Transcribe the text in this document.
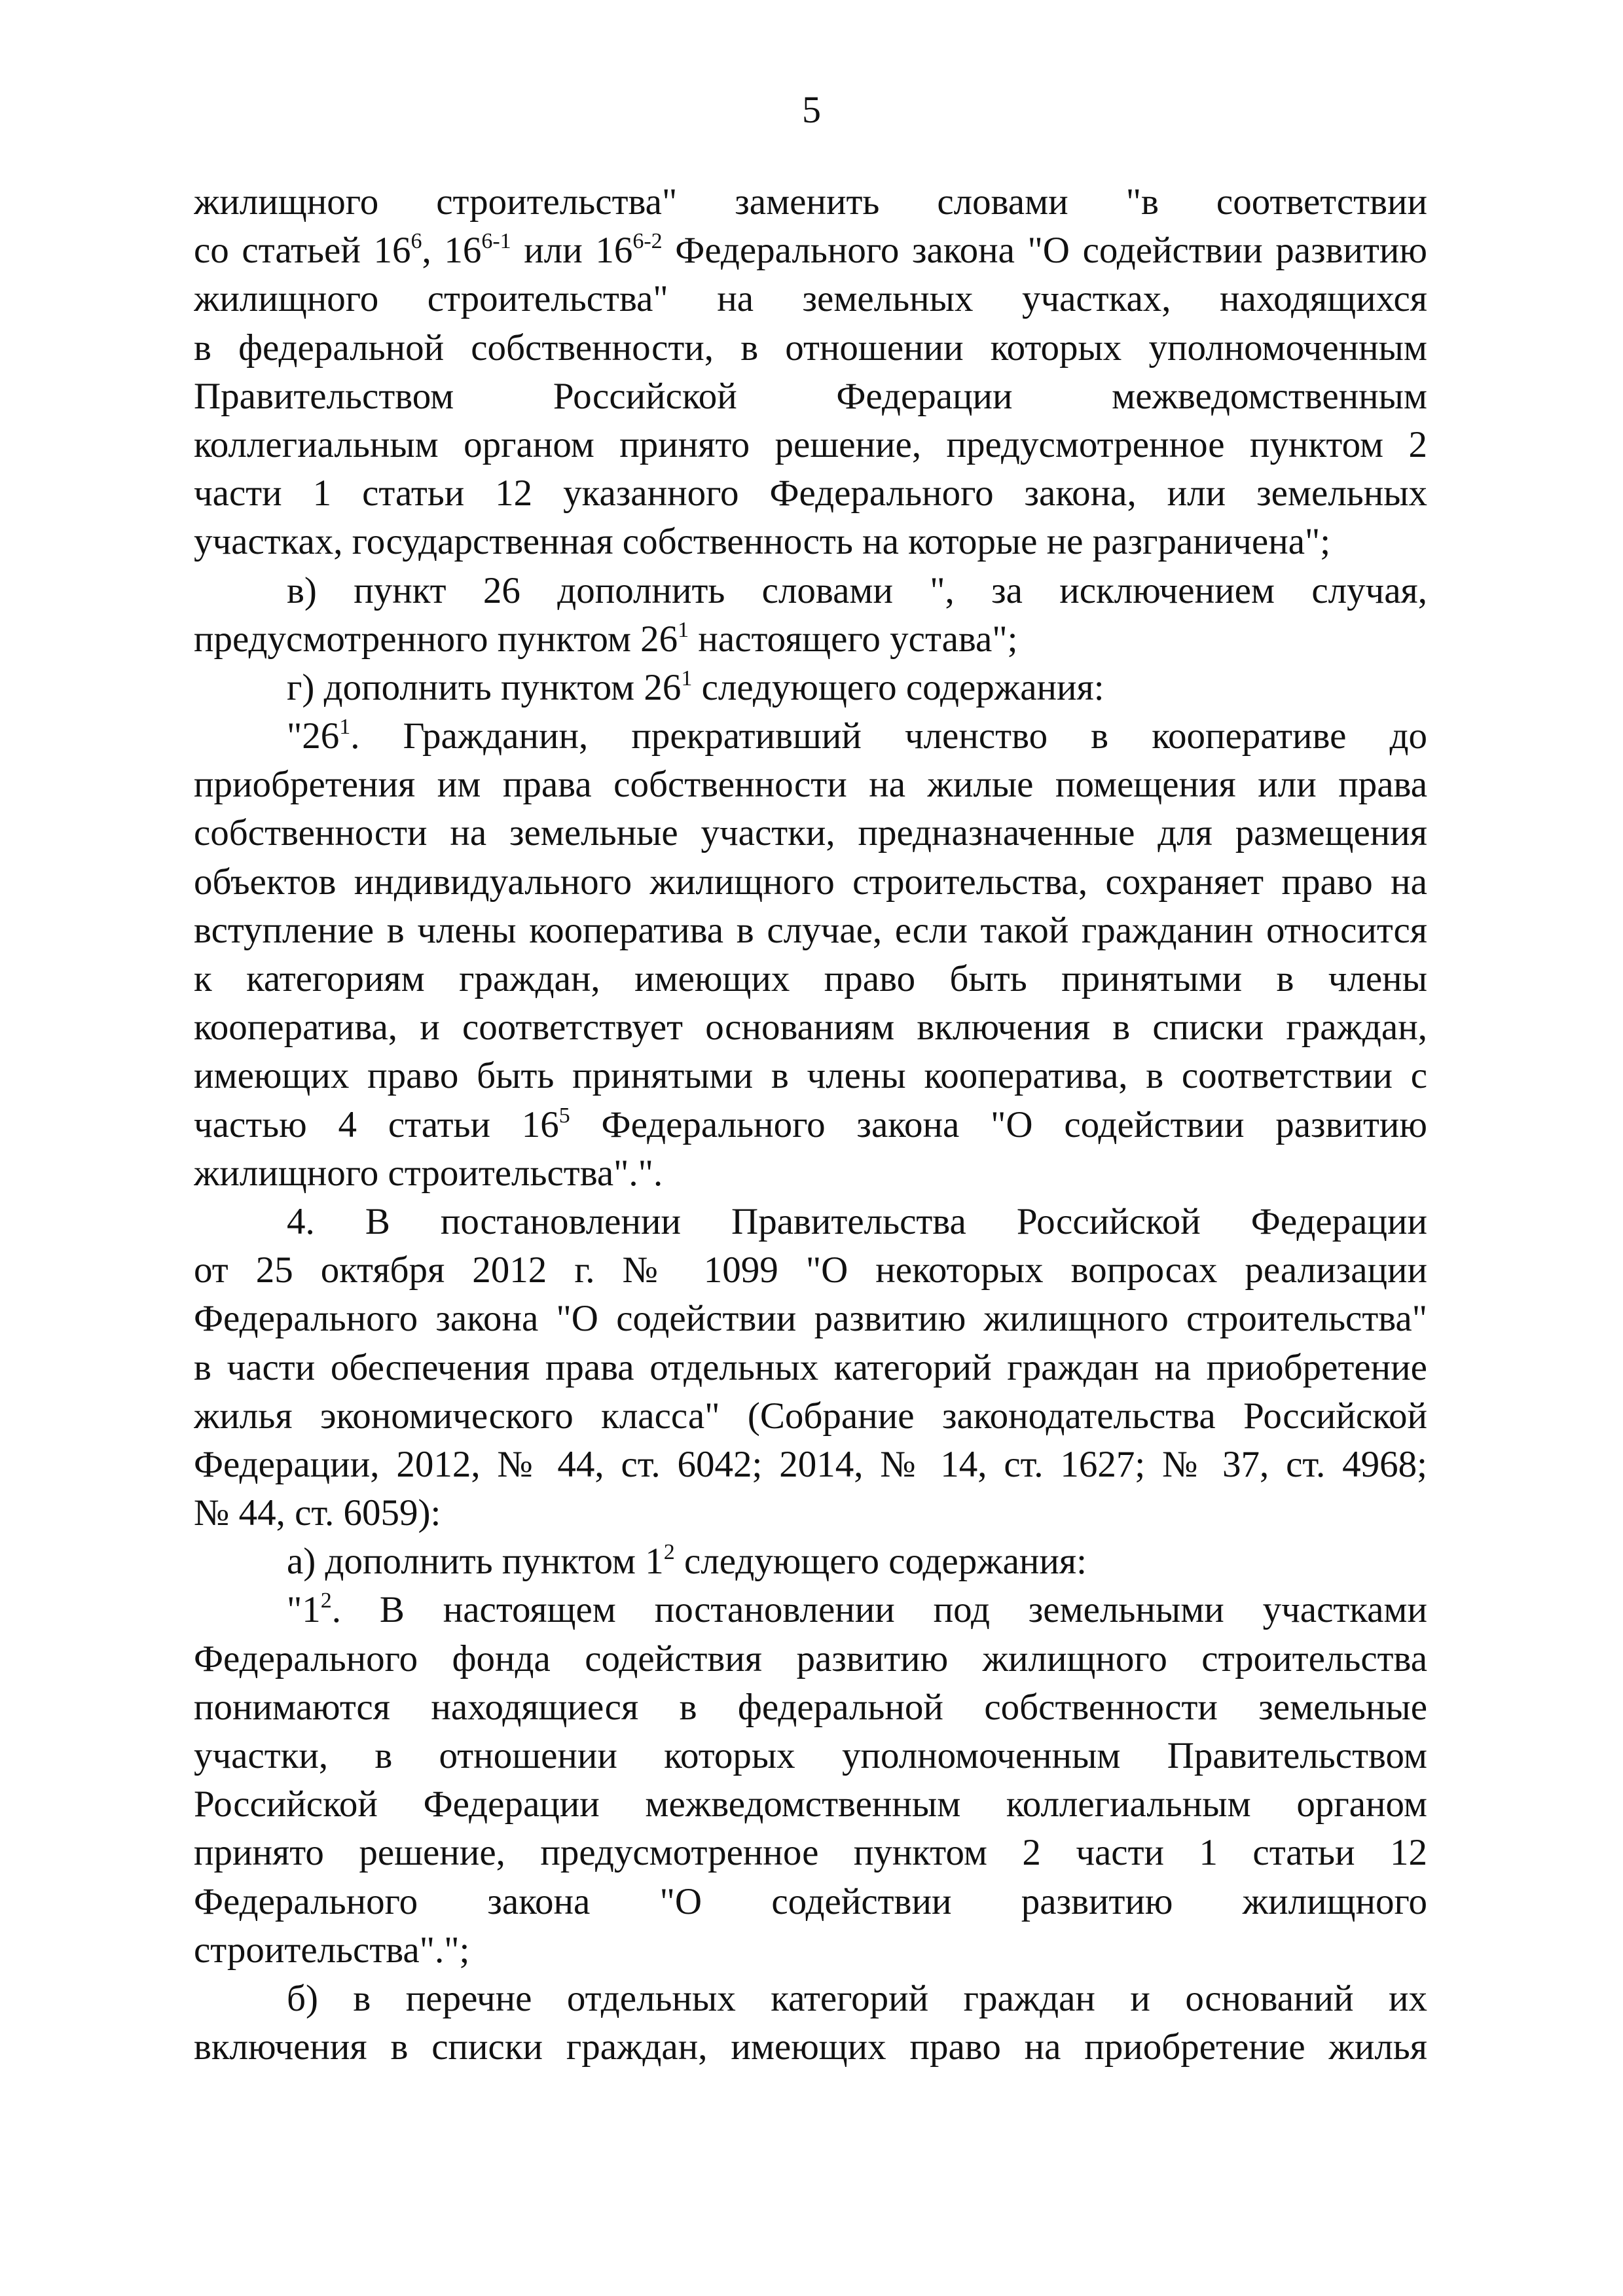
5
жилищного строительства" заменить словами "в соответствии
со статьей $16^6$, 16$^{6-1}$ или 16$^{6-2}$ Федерального закона "О содействии развитию
жилищного строительства" на земельных участках, находящихся
в федеральной собственности, в отношении которых уполномоченным
Правительством Российской Федерации межведомственным
коллегиальным органом принято решение, предусмотренное пунктом 2
части 1 статьи 12 указанного Федерального закона, или земельных
участках, государственная собственность на которые не разграничена";
в) пункт 26 дополнить словами ", за исключением случая,
предусмотренного пунктом $26^1$ настоящего устава";
г) дополнить пунктом $26^1$ следующего содержания:
"$26^1$. Гражданин, прекративший членство в кооперативе до
приобретения им права собственности на жилые помещения или права
собственности на земельные участки, предназначенные для размещения
объектов индивидуального жилищного строительства, сохраняет право на
вступление в члены кооператива в случае, если такой гражданин относится
к категориям граждан, имеющих право быть принятыми в члены
кооператива, и соответствует основаниям включения в списки граждан,
имеющих право быть принятыми в члены кооператива, в соответствии с
частью 4 статьи $16^5$ Федерального закона "О содействии развитию
жилищного строительства".".
4. В постановлении Правительства Российской Федерации
от 25 октября 2012 г. № 1099 "О некоторых вопросах реализации
Федерального закона "О содействии развитию жилищного строительства"
в части обеспечения права отдельных категорий граждан на приобретение
жилья экономического класса" (Собрание законодательства Российской
Федерации, 2012, № 44, ст. 6042; 2014, № 14, ст. 1627; № 37, ст. 4968;
№ 44, ст. 6059):
а) дополнить пунктом $1^2$ следующего содержания:
"$1^2$. В настоящем постановлении под земельными участками
Федерального фонда содействия развитию жилищного строительства
понимаются находящиеся в федеральной собственности земельные
участки, в отношении которых уполномоченным Правительством
Российской Федерации межведомственным коллегиальным органом
принято решение, предусмотренное пунктом 2 части 1 статьи 12
Федерального закона "О содействии развитию жилищного
строительства".";
б) в перечне отдельных категорий граждан и оснований их
включения в списки граждан, имеющих право на приобретение жилья
